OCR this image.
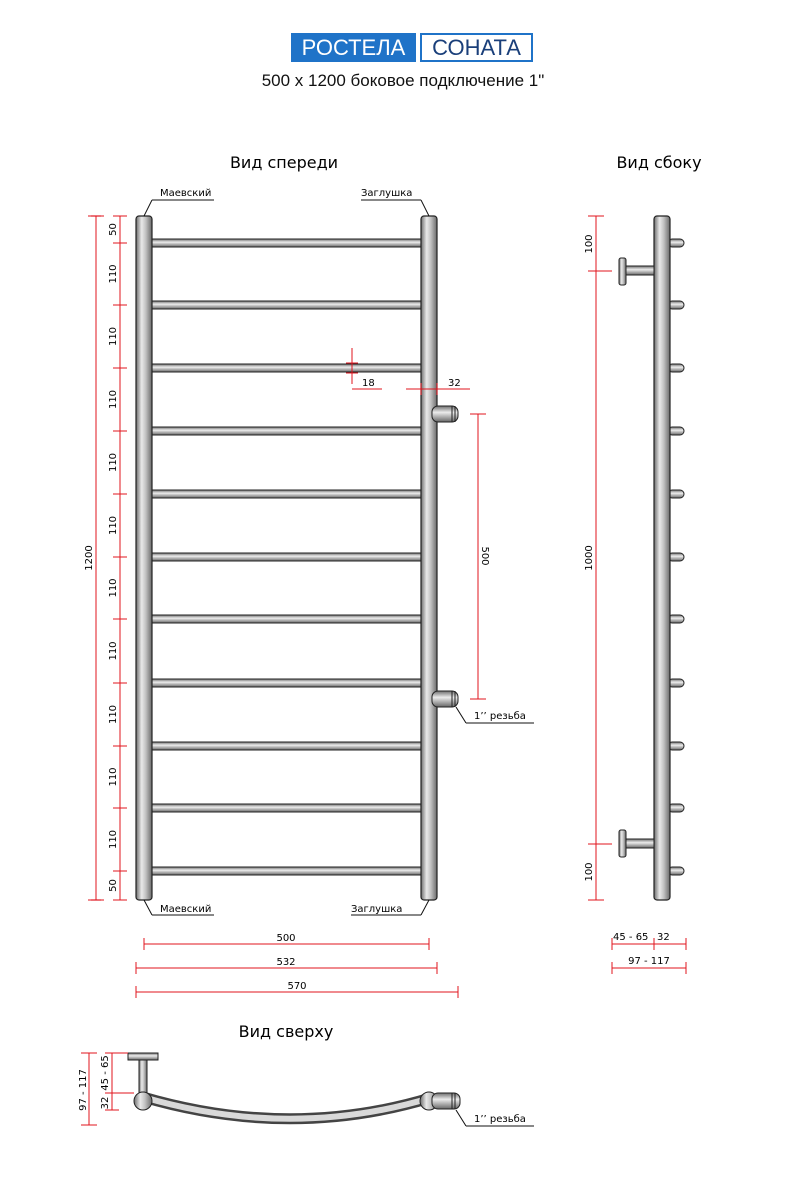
РОСТЕЛА	СОНАТА
500 x 1200 боковое подключение 1"
Вид спереди
Маевский	Заглушка
Маевский	Заглушка
1’’ резьба
1200
50
110
110
110
110
110
110
110
110
110
110
50
18	32
500
500
532
570
Вид сбоку
100
1000
100
45 - 65 32
97 - 117
Вид сверху
1’’ резьба
97 - 117 32
45 - 65
